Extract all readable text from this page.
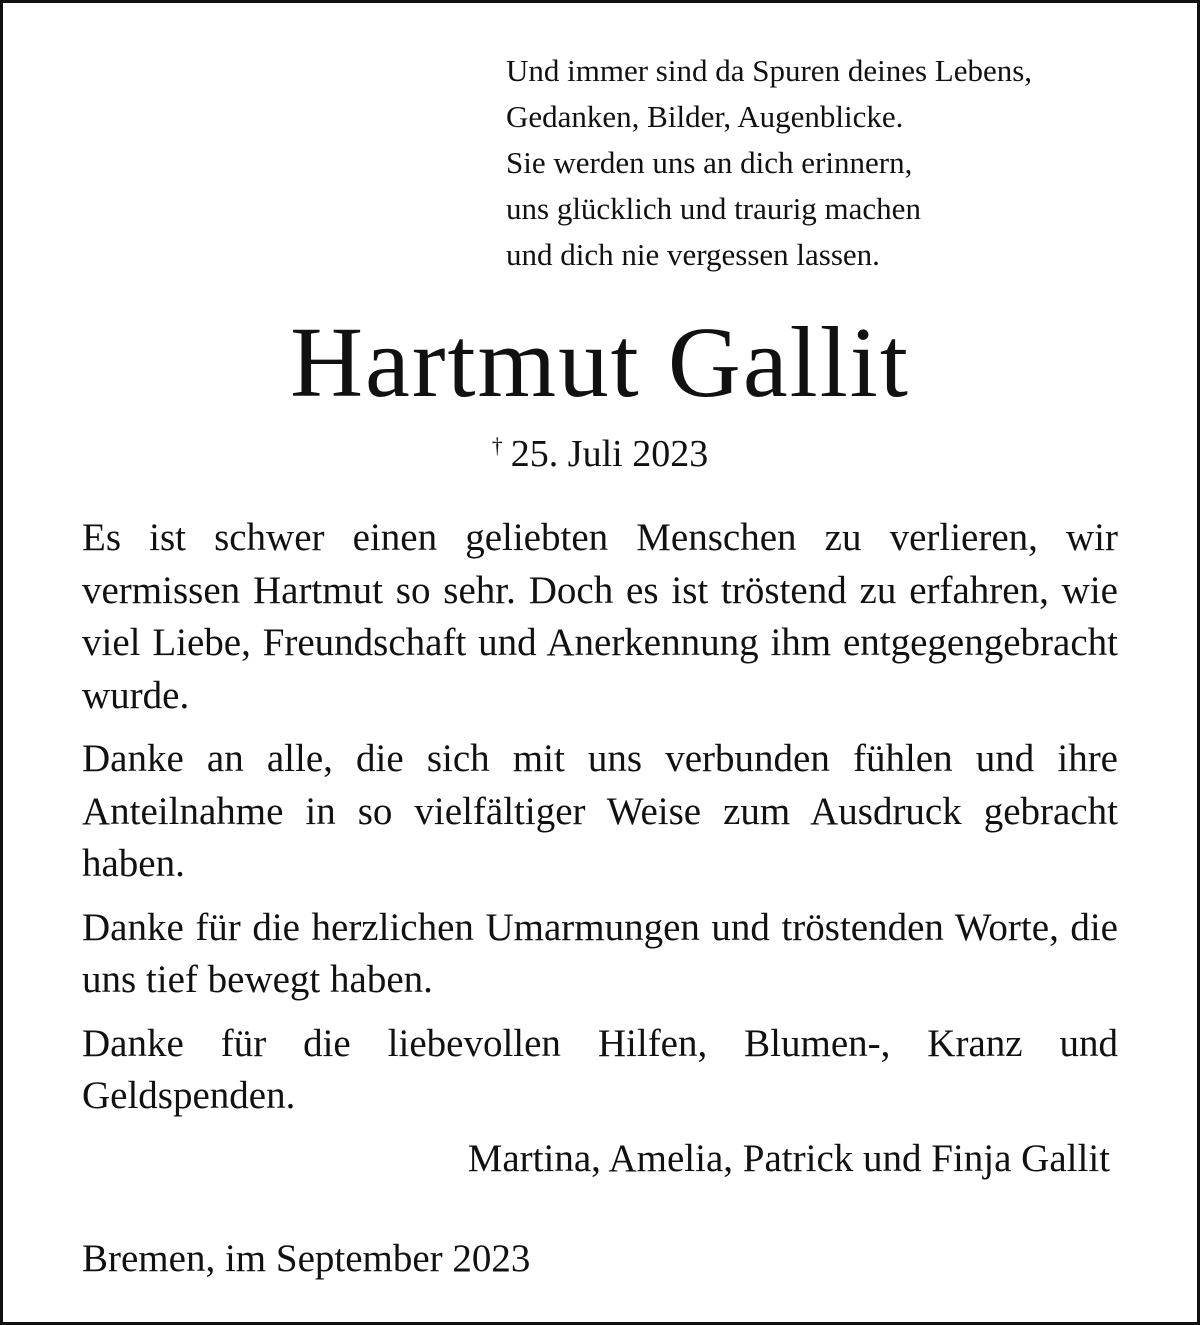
Und immer sind da Spuren deines Lebens,
Gedanken, Bilder, Augenblicke.
Sie werden uns an dich erinnern,
uns glücklich und traurig machen
und dich nie vergessen lassen.
Hartmut Gallit
† 25. Juli 2023

Es ist schwer einen geliebten Menschen zu verlieren, wir vermissen Hartmut so sehr. Doch es ist tröstend zu erfahren, wie viel Liebe, Freundschaft und Anerkennung ihm entgegengebracht wurde.

Danke an alle, die sich mit uns verbunden fühlen und ihre Anteilnahme in so vielfältiger Weise zum Ausdruck gebracht haben.

Danke für die herzlichen Umarmungen und tröstenden Worte, die uns tief bewegt haben.

Danke für die liebevollen Hilfen, Blumen-, Kranz und Geldspenden.

Martina, Amelia, Patrick und Finja Gallit
Bremen, im September 2023
